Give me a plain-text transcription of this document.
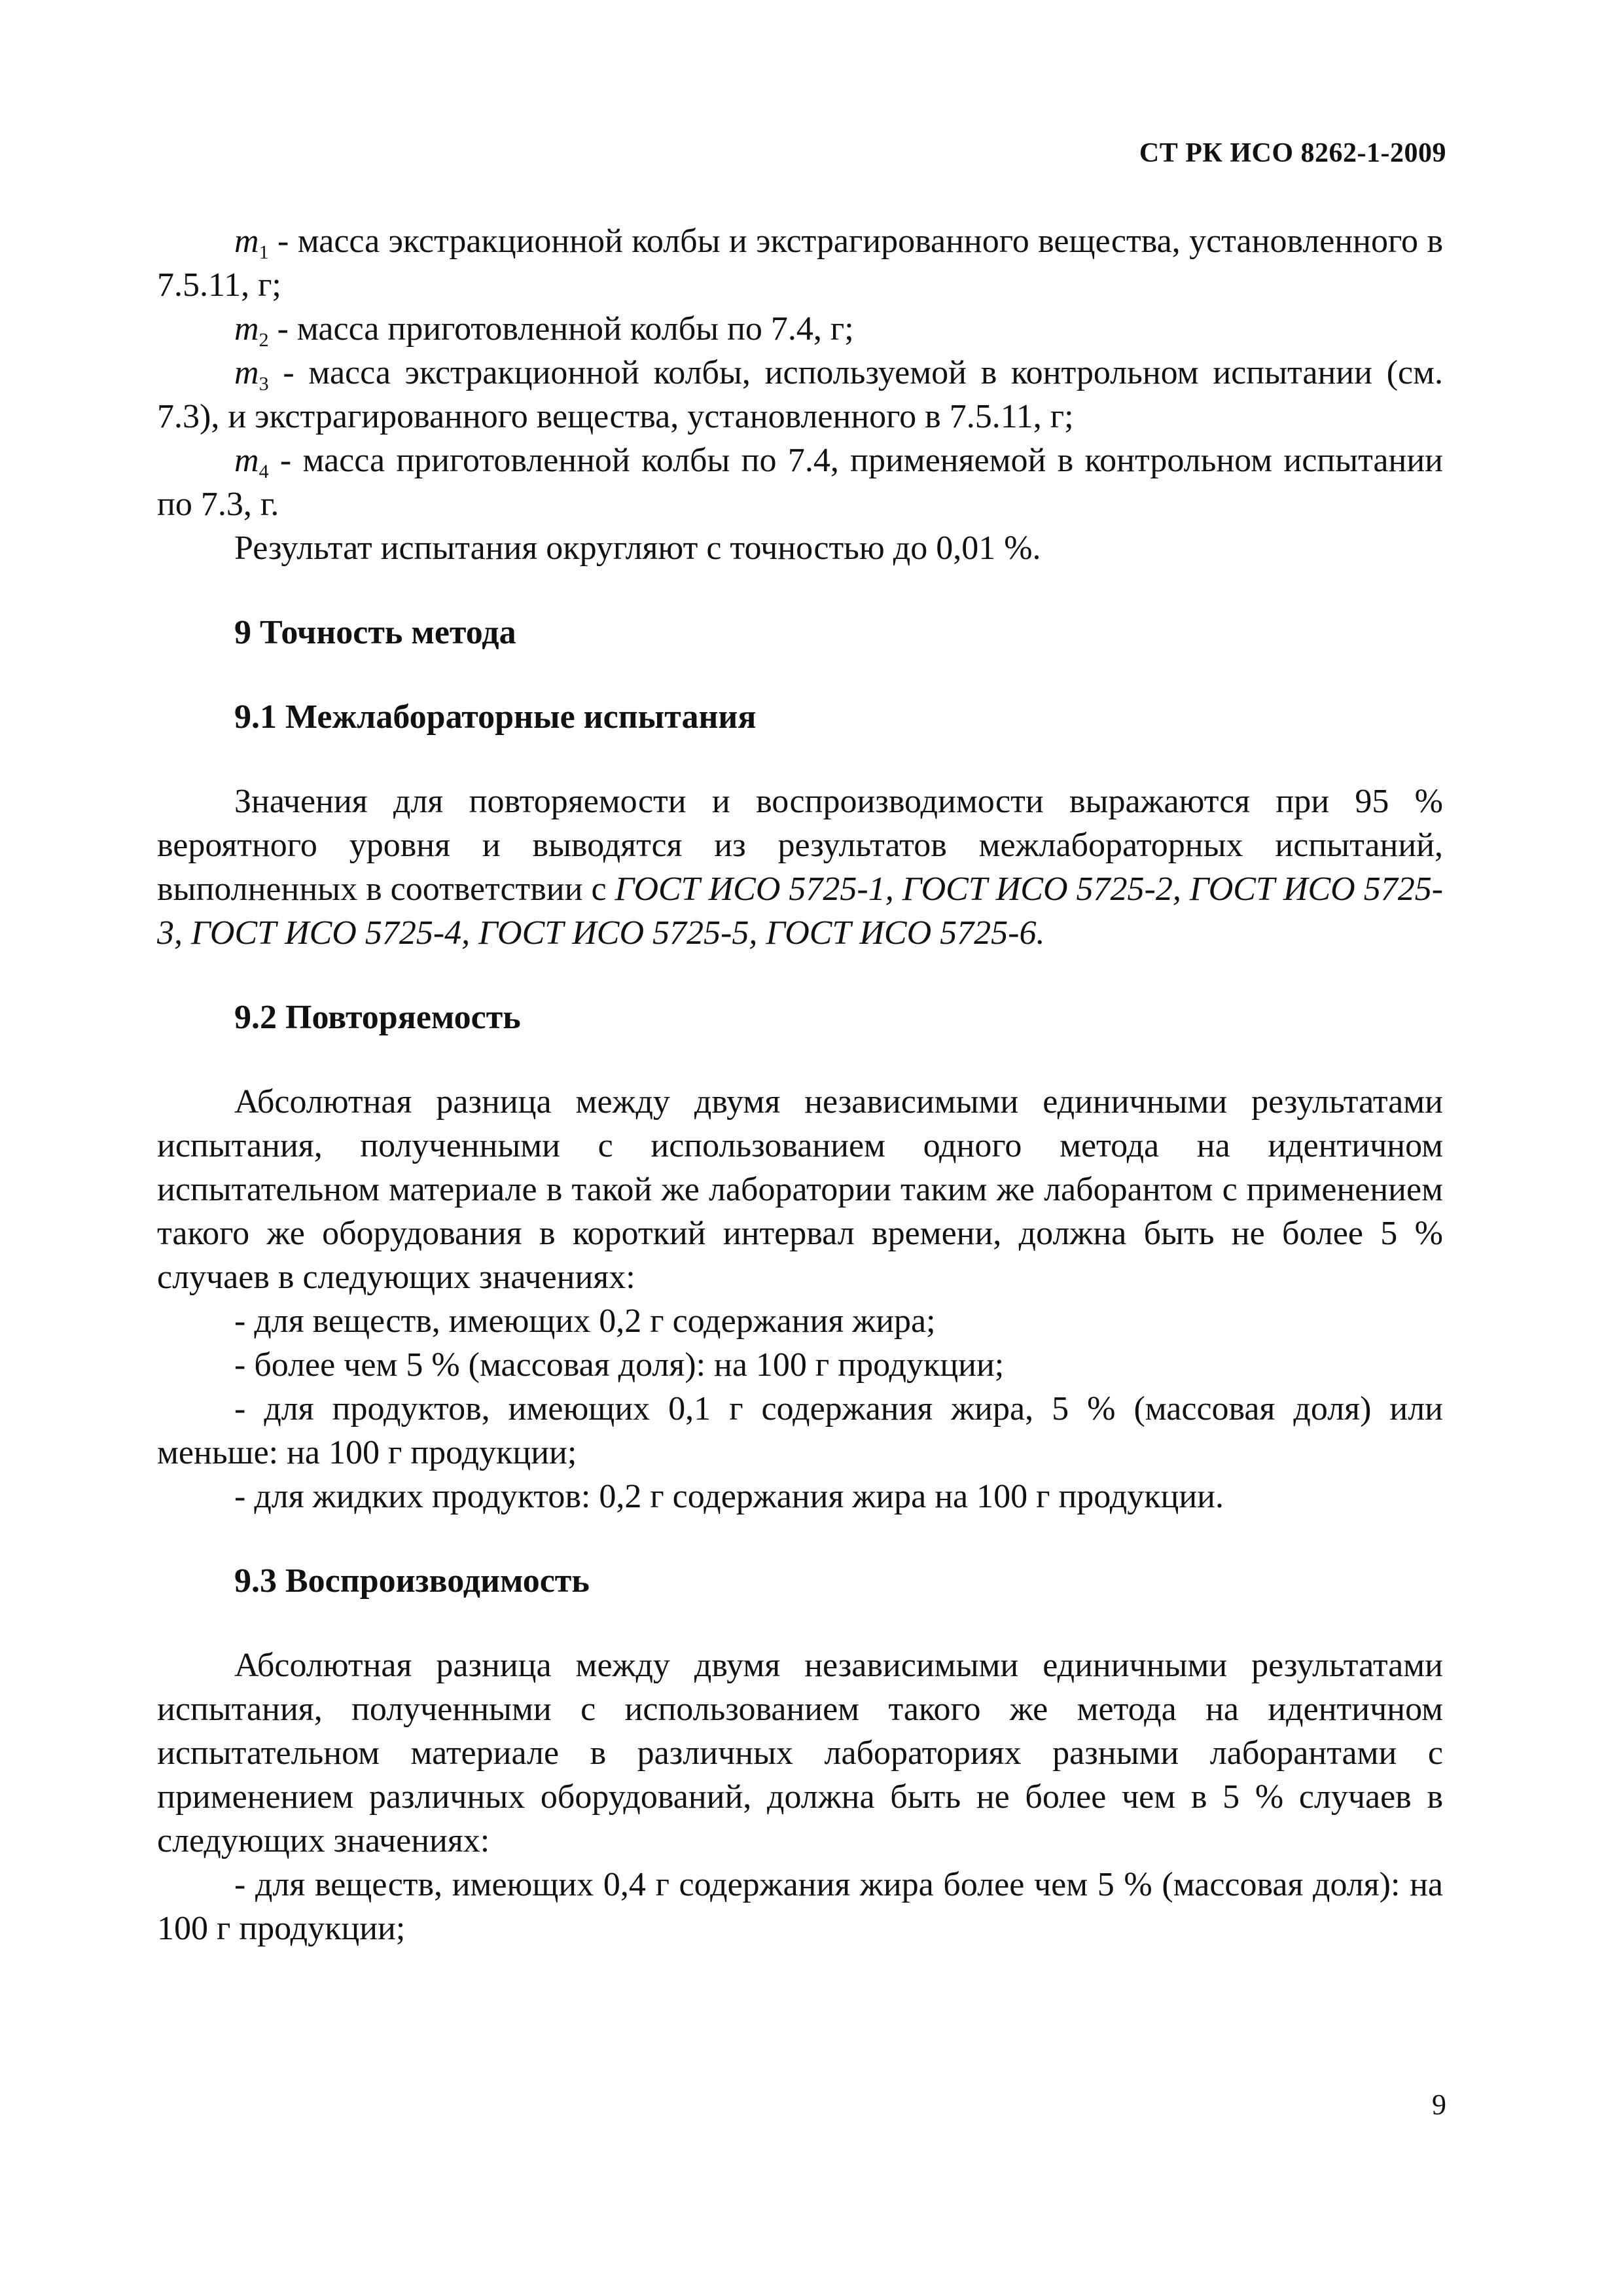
СТ РК ИСО 8262-1-2009

$m_1$ - масса экстракционной колбы и экстрагированного вещества, установленного в 7.5.11, г;

$m_2$ - масса приготовленной колбы по 7.4, г;

$m_3$ - масса экстракционной колбы, используемой в контрольном испытании (см. 7.3), и экстрагированного вещества, установленного в 7.5.11, г;

$m_4$ - масса приготовленной колбы по 7.4, применяемой в контрольном испытании по 7.3, г.

Результат испытания округляют с точностью до 0,01 %.

9 Точность метода

9.1 Межлабораторные испытания

Значения для повторяемости и воспроизводимости выражаются при 95 % вероятного уровня и выводятся из результатов межлабораторных испытаний, выполненных в соответствии с ГОСТ ИСО 5725-1, ГОСТ ИСО 5725-2, ГОСТ ИСО 5725-3, ГОСТ ИСО 5725-4, ГОСТ ИСО 5725-5, ГОСТ ИСО 5725-6.

9.2 Повторяемость

Абсолютная разница между двумя независимыми единичными результатами испытания, полученными с использованием одного метода на идентичном испытательном материале в такой же лаборатории таким же лаборантом с применением такого же оборудования в короткий интервал времени, должна быть не более 5 % случаев в следующих значениях:

- для веществ, имеющих 0,2 г содержания жира;

- более чем 5 % (массовая доля): на 100 г продукции;

- для продуктов, имеющих 0,1 г содержания жира, 5 % (массовая доля) или меньше: на 100 г продукции;

- для жидких продуктов: 0,2 г содержания жира на 100 г продукции.

9.3 Воспроизводимость

Абсолютная разница между двумя независимыми единичными результатами испытания, полученными с использованием такого же метода на идентичном испытательном материале в различных лабораториях разными лаборантами с применением различных оборудований, должна быть не более чем в 5 % случаев в следующих значениях:

- для веществ, имеющих 0,4 г содержания жира более чем 5 % (массовая доля): на 100 г продукции;

9
